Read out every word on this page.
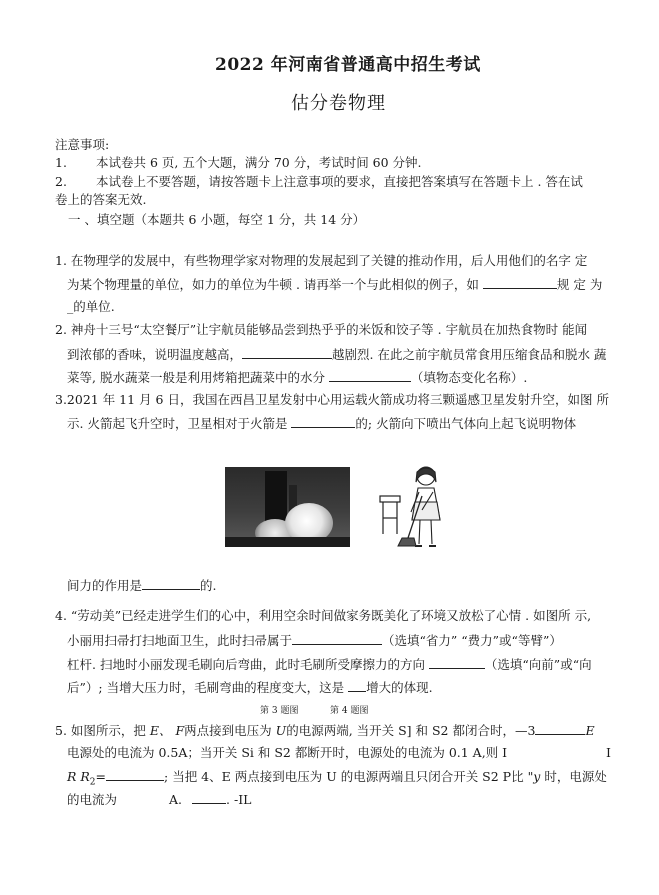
2022 年河南省普通高中招生考试
估分卷物理
注意事项:
1. 本试卷共 6 页, 五个大题，满分 70 分，考试时间 60 分钟.
2. 本试卷上不要答题，请按答题卡上注意事项的要求，直接把答案填写在答题卡上 . 答在试
卷上的答案无效.
一 、填空题（本题共 6 小题，每空 1 分，共 14 分）
1. 在物理学的发展中，有些物理学家对物理的发展起到了关键的推动作用，后人用他们的名字 定
为某个物理量的单位，如力的单位为牛顿 . 请再举一个与此相似的例子，如	规 定 为
_的单位.
2. 神舟十三号“太空餐厅”让宇航员能够品尝到热乎乎的米饭和饺子等 . 宇航员在加热食物时 能闻
到浓郁的香味，说明温度越高，	越剧烈. 在此之前宇航员常食用压缩食品和脱水 蔬
菜等, 脱水蔬菜一般是利用烤箱把蔬菜中的水分	（填物态变化名称）.
3.2021 年 11 月 6 日，我国在西昌卫星发射中心用运载火箭成功将三颗遥感卫星发射升空，如图 所
示. 火箭起飞升空时，卫星相对于火箭是	的; 火箭向下喷出气体向上起飞说明物体
间力的作用是	的.
4. “劳动美”已经走进学生们的心中，利用空余时间做家务既美化了环境又放松了心情 . 如图所 示,
小丽用扫帚打扫地面卫生，此时扫帚属于	（选填“省力” “费力”或“等臂”）
杠杆. 扫地时小丽发现毛刷向后弯曲，此时毛刷所受摩擦力的方向	（选填“向前”或“向
后”）; 当增大压力时，毛刷弯曲的程度变大，这是 增大的体现.
第 3 题图	第 4 题图
5. 如图所示，把 E、 F两点接到电压为 U的电源两端, 当开关 S] 和 S2 都闭合时，—3	E
电源处的电流为 0.5A；当开关 Si 和 S2 都断开时，电源处的电流为 0.1 A,则 I	I
R $R_2=$	; 当把 4、E 两点接到电压为 U 的电源两端且只闭合开关 S2 P比 "y 时，电源处
的电流为	A.	. -IL
